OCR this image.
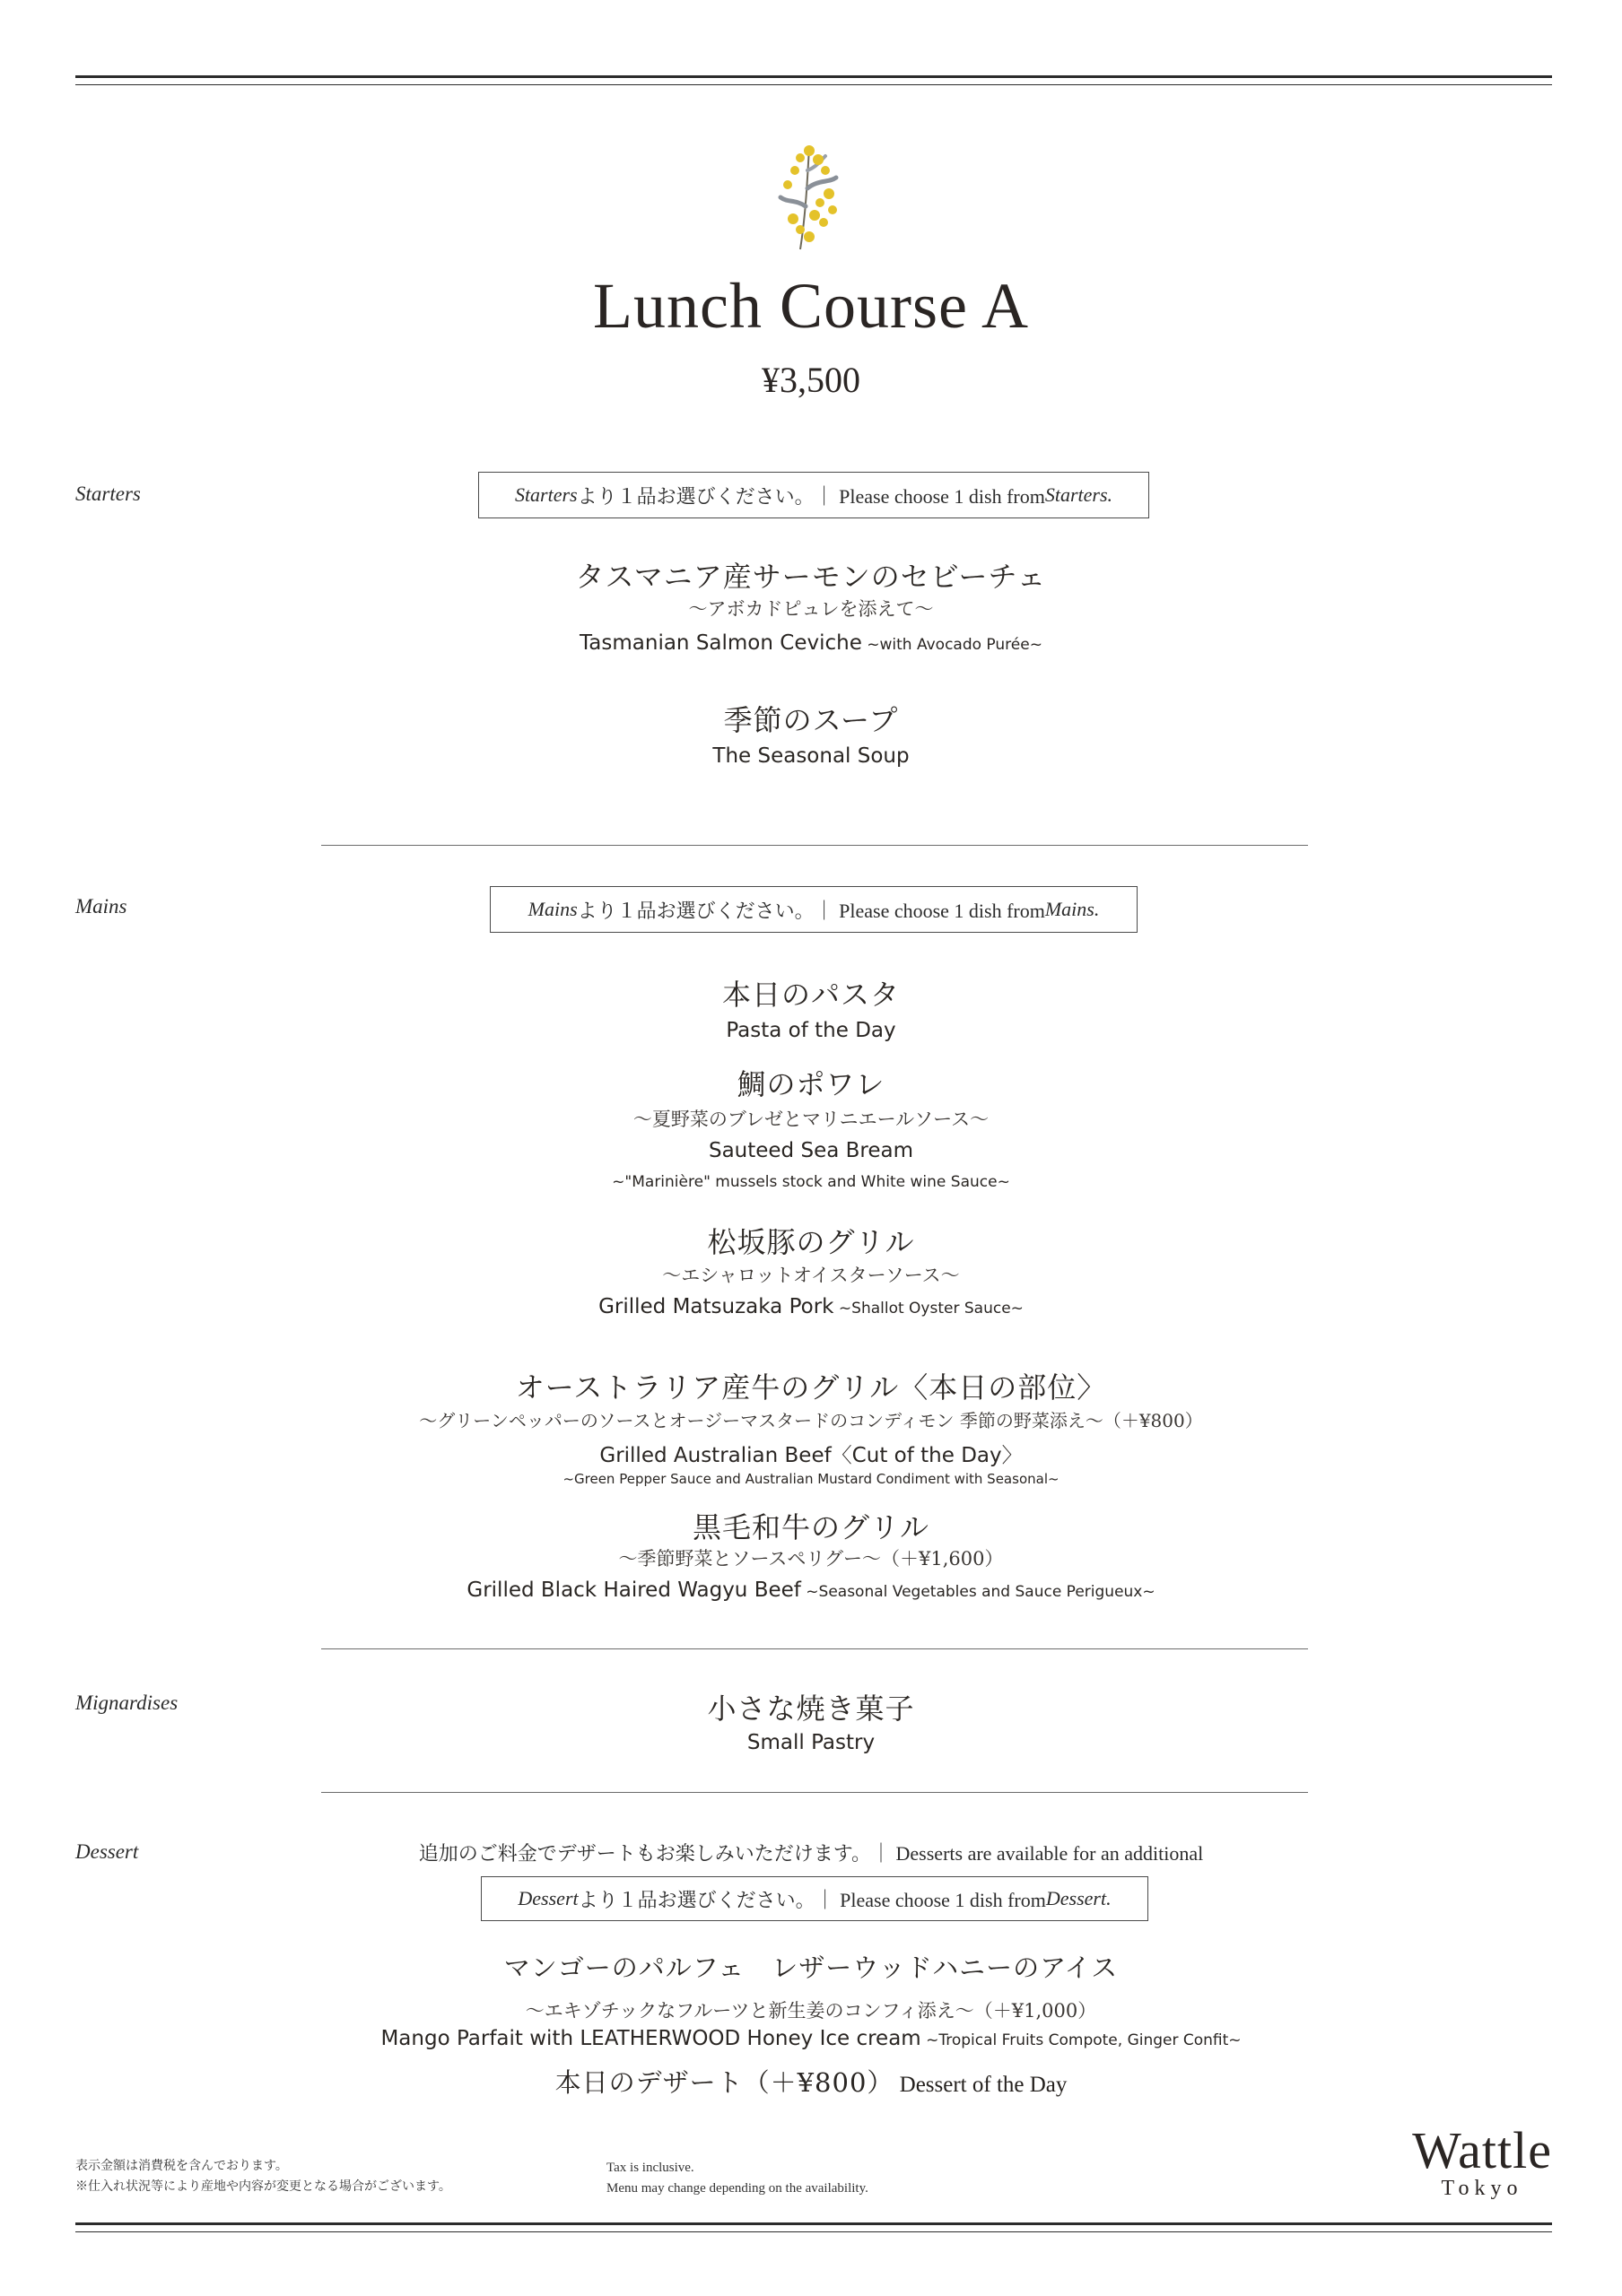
Lunch Course A
¥3,500
Starters	Starters より１品お選びください。｜ Please choose 1 dish from Starters.
タスマニア産サーモンのセビーチェ
〜アボカドピュレを添えて〜
Tasmanian Salmon Ceviche ~with Avocado Purée~
季節のスープ
The Seasonal Soup
Mains	Mains より１品お選びください。｜ Please choose 1 dish from Mains.
本日のパスタ
Pasta of the Day
鯛のポワレ
〜夏野菜のブレゼとマリニエールソース〜
Sauteed Sea Bream
~"Marinière" mussels stock and White wine Sauce~
松坂豚のグリル
〜エシャロットオイスターソース〜
Grilled Matsuzaka Pork ~Shallot Oyster Sauce~
オーストラリア産牛のグリル〈本日の部位〉
〜グリーンペッパーのソースとオージーマスタードのコンディモン 季節の野菜添え〜（＋¥800）
Grilled Australian Beef〈Cut of the Day〉
~Green Pepper Sauce and Australian Mustard Condiment with Seasonal~
黒毛和牛のグリル
〜季節野菜とソースペリグー〜（＋¥1,600）
Grilled Black Haired Wagyu Beef ~Seasonal Vegetables and Sauce Perigueux~
Mignardises	小さな焼き菓子
Small Pastry
Dessert	追加のご料金でデザートもお楽しみいただけます。｜ Desserts are available for an additional
Dessert より１品お選びください。｜ Please choose 1 dish from Dessert.
マンゴーのパルフェ　レザーウッドハニーのアイス
〜エキゾチックなフルーツと新生姜のコンフィ添え〜（＋¥1,000）
Mango Parfait with LEATHERWOOD Honey Ice cream ~Tropical Fruits Compote, Ginger Confit~
本日のデザート（＋¥800） Dessert of the Day
表示金額は消費税を含んでおります。
※仕入れ状況等により産地や内容が変更となる場合がございます。
Tax is inclusive.
Menu may change depending on the availability.
Wattle
Tokyo
